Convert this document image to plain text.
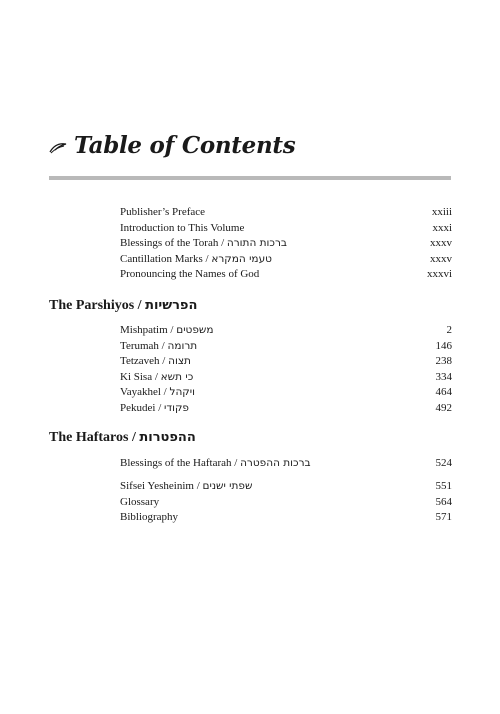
Table of Contents
Publisher’s Preface	xxiii
Introduction to This Volume	xxxi
Blessings of the Torah / ברכות התורה	xxxv
Cantillation Marks / טעמי המקרא	xxxv
Pronouncing the Names of God	xxxvi
The Parshiyos / הפרשיות
Mishpatim / משפטים	2
Terumah / תרומה	146
Tetzaveh / תצוה	238
Ki Sisa / כי תשא	334
Vayakhel / ויקהל	464
Pekudei / פקודי	492
The Haftaros / ההפטרות
Blessings of the Haftarah / ברכות ההפטרה	524
Sifsei Yesheinim / שפתי ישנים	551
Glossary	564
Bibliography	571
